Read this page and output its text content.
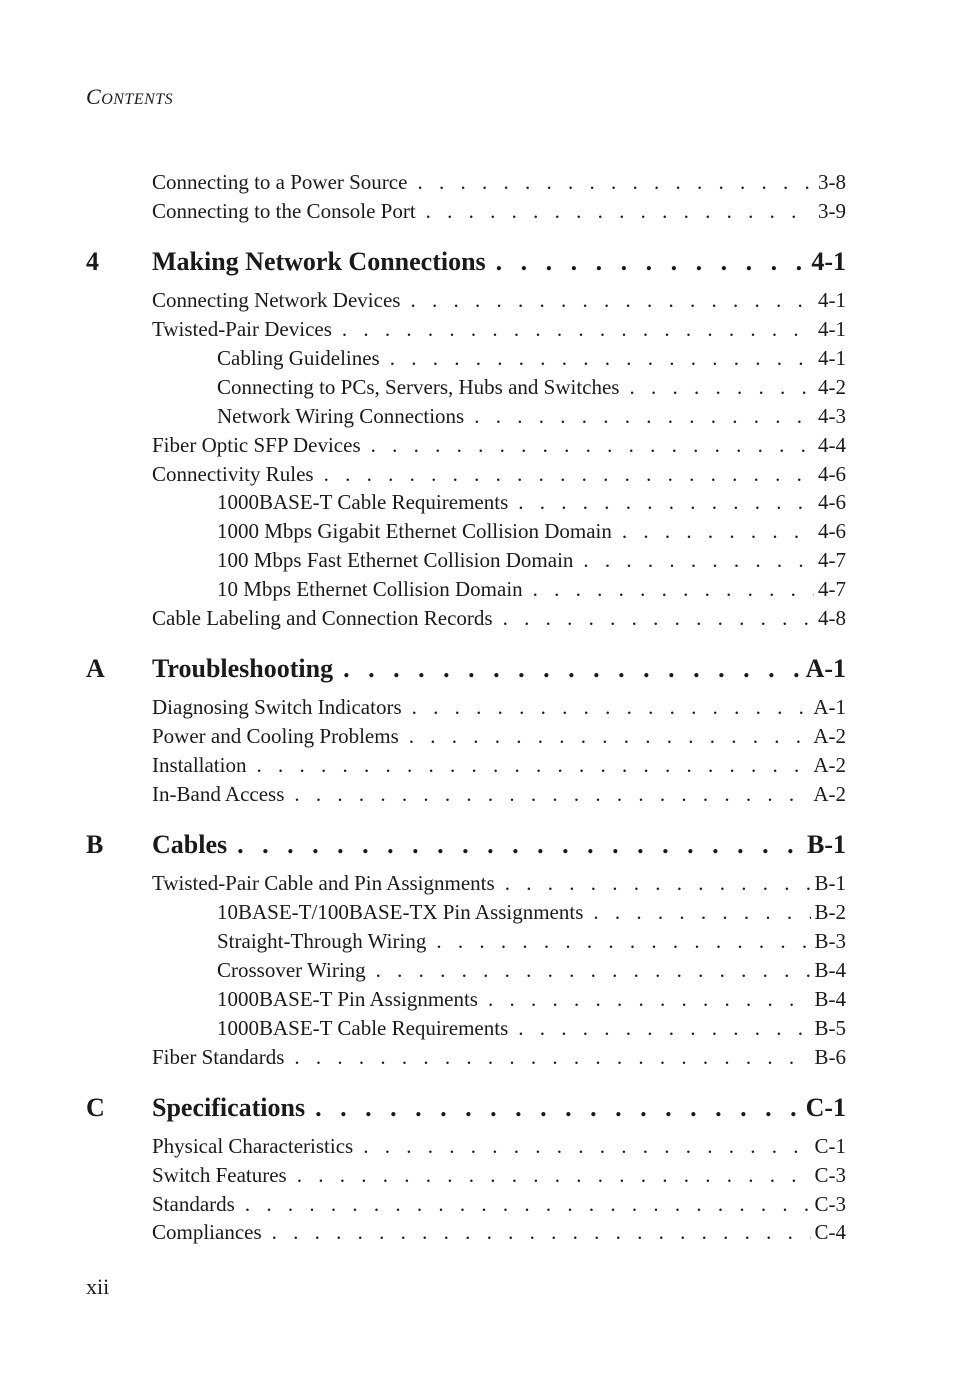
CONTENTS
Connecting to a Power Source . . .	3-8
Connecting to the Console Port . . .	3-9
4	Making Network Connections . . .	4-1
Connecting Network Devices . . .	4-1
Twisted-Pair Devices . . .	4-1
Cabling Guidelines . . .	4-1
Connecting to PCs, Servers, Hubs and Switches . . .	4-2
Network Wiring Connections . . .	4-3
Fiber Optic SFP Devices . . .	4-4
Connectivity Rules . . .	4-6
1000BASE-T Cable Requirements . . .	4-6
1000 Mbps Gigabit Ethernet Collision Domain . . .	4-6
100 Mbps Fast Ethernet Collision Domain . . .	4-7
10 Mbps Ethernet Collision Domain . . .	4-7
Cable Labeling and Connection Records . . .	4-8
A	Troubleshooting . . .	A-1
Diagnosing Switch Indicators . . .	A-1
Power and Cooling Problems . . .	A-2
Installation . . .	A-2
In-Band Access . . .	A-2
B	Cables . . .	B-1
Twisted-Pair Cable and Pin Assignments . . .	B-1
10BASE-T/100BASE-TX Pin Assignments . . .	B-2
Straight-Through Wiring . . .	B-3
Crossover Wiring . . .	B-4
1000BASE-T Pin Assignments . . .	B-4
1000BASE-T Cable Requirements . . .	B-5
Fiber Standards . . .	B-6
C	Specifications . . .	C-1
Physical Characteristics . . .	C-1
Switch Features . . .	C-3
Standards . . .	C-3
Compliances . . .	C-4
xii
